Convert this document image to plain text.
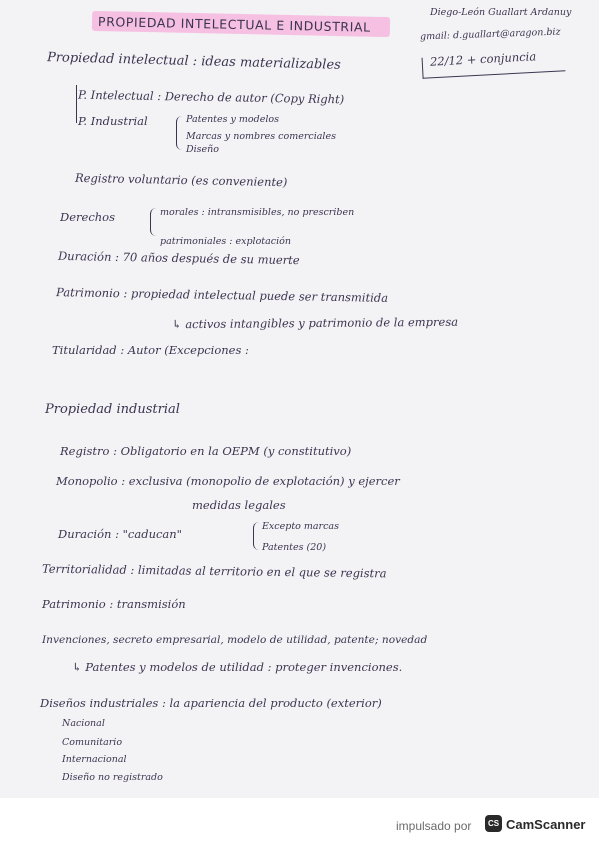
PROPIEDAD INTELECTUAL E INDUSTRIAL
Diego-León Guallart Ardanuy
gmail: d.guallart@aragon.biz
22/12 + conjuncia
Propiedad intelectual : ideas materializables
P. Intelectual : Derecho de autor (Copy Right)
P. Industrial	Patentes y modelos
Marcas y nombres comerciales
Diseño
Registro voluntario (es conveniente)
Derechos	morales : intransmisibles, no prescriben
patrimoniales : explotación
Duración : 70 años después de su muerte
Patrimonio : propiedad intelectual puede ser transmitida
↳ activos intangibles y patrimonio de la empresa
Titularidad : Autor (Excepciones :
Propiedad industrial
Registro : Obligatorio en la OEPM (y constitutivo)
Monopolio : exclusiva (monopolio de explotación) y ejercer
medidas legales
Duración : "caducan"
Excepto marcas
Patentes (20)
Territorialidad : limitadas al territorio en el que se registra
Patrimonio : transmisión
Invenciones, secreto empresarial, modelo de utilidad, patente; novedad
↳ Patentes y modelos de utilidad : proteger invenciones.
Diseños industriales : la apariencia del producto (exterior)
Nacional
Comunitario
Internacional
Diseño no registrado
impulsado por	CS CamScanner
